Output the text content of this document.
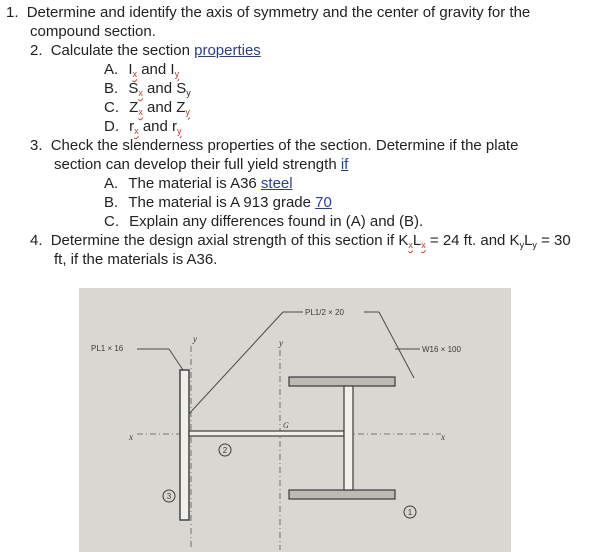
1. Determine and identify the axis of symmetry and the center of gravity for the
compound section.
2. Calculate the section properties
A. $I_x$ and $I_y$
B. $S_x$ and $S_y$
C. $Z_x$ and $Z_y$
D. $r_x$ and $r_y$
3. Check the slenderness properties of the section. Determine if the plate
section can develop their full yield strength if
A. The material is A36 steel
B. The material is A 913 grade 70
C. Explain any differences found in (A) and (B).
4. Determine the design axial strength of this section if $K_xL_x = 24$ ft. and $K_yL_y = 30$
ft, if the materials is A36.
PL1/2 × 20
PL1 × 16	W16 × 100
y	y
x	x
G
2
3
1
